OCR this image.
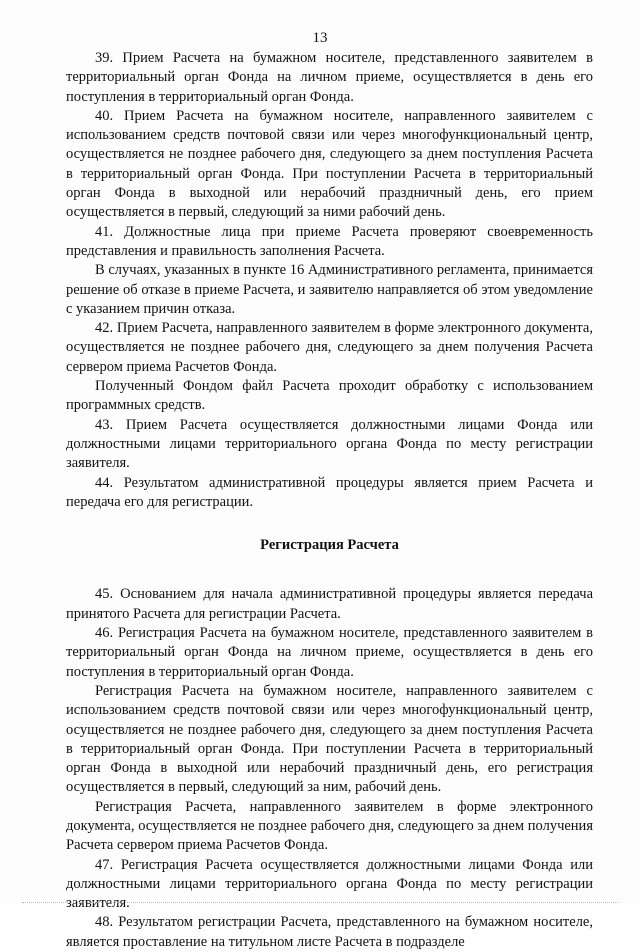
13

39. Прием Расчета на бумажном носителе, представленного заявителем в территориальный орган Фонда на личном приеме, осуществляется в день его поступления в территориальный орган Фонда.

40. Прием Расчета на бумажном носителе, направленного заявителем с использованием средств почтовой связи или через многофункциональный центр, осуществляется не позднее рабочего дня, следующего за днем поступления Расчета в территориальный орган Фонда. При поступлении Расчета в территориальный орган Фонда в выходной или нерабочий праздничный день, его прием осуществляется в первый, следующий за ними рабочий день.

41. Должностные лица при приеме Расчета проверяют своевременность представления и правильность заполнения Расчета.

В случаях, указанных в пункте 16 Административного регламента, принимается решение об отказе в приеме Расчета, и заявителю направляется об этом уведомление с указанием причин отказа.

42. Прием Расчета, направленного заявителем в форме электронного документа, осуществляется не позднее рабочего дня, следующего за днем получения Расчета сервером приема Расчетов Фонда.

Полученный Фондом файл Расчета проходит обработку с использованием программных средств.

43. Прием Расчета осуществляется должностными лицами Фонда или должностными лицами территориального органа Фонда по месту регистрации заявителя.

44. Результатом административной процедуры является прием Расчета и передача его для регистрации.

Регистрация Расчета

45. Основанием для начала административной процедуры является передача принятого Расчета для регистрации Расчета.

46. Регистрация Расчета на бумажном носителе, представленного заявителем в территориальный орган Фонда на личном приеме, осуществляется в день его поступления в территориальный орган Фонда.

Регистрация Расчета на бумажном носителе, направленного заявителем с использованием средств почтовой связи или через многофункциональный центр, осуществляется не позднее рабочего дня, следующего за днем поступления Расчета в территориальный орган Фонда. При поступлении Расчета в территориальный орган Фонда в выходной или нерабочий праздничный день, его регистрация осуществляется в первый, следующий за ним, рабочий день.

Регистрация Расчета, направленного заявителем в форме электронного документа, осуществляется не позднее рабочего дня, следующего за днем получения Расчета сервером приема Расчетов Фонда.

47. Регистрация Расчета осуществляется должностными лицами Фонда или должностными лицами территориального органа Фонда по месту регистрации заявителя.

48. Результатом регистрации Расчета, представленного на бумажном носителе, является проставление на титульном листе Расчета в подразделе
